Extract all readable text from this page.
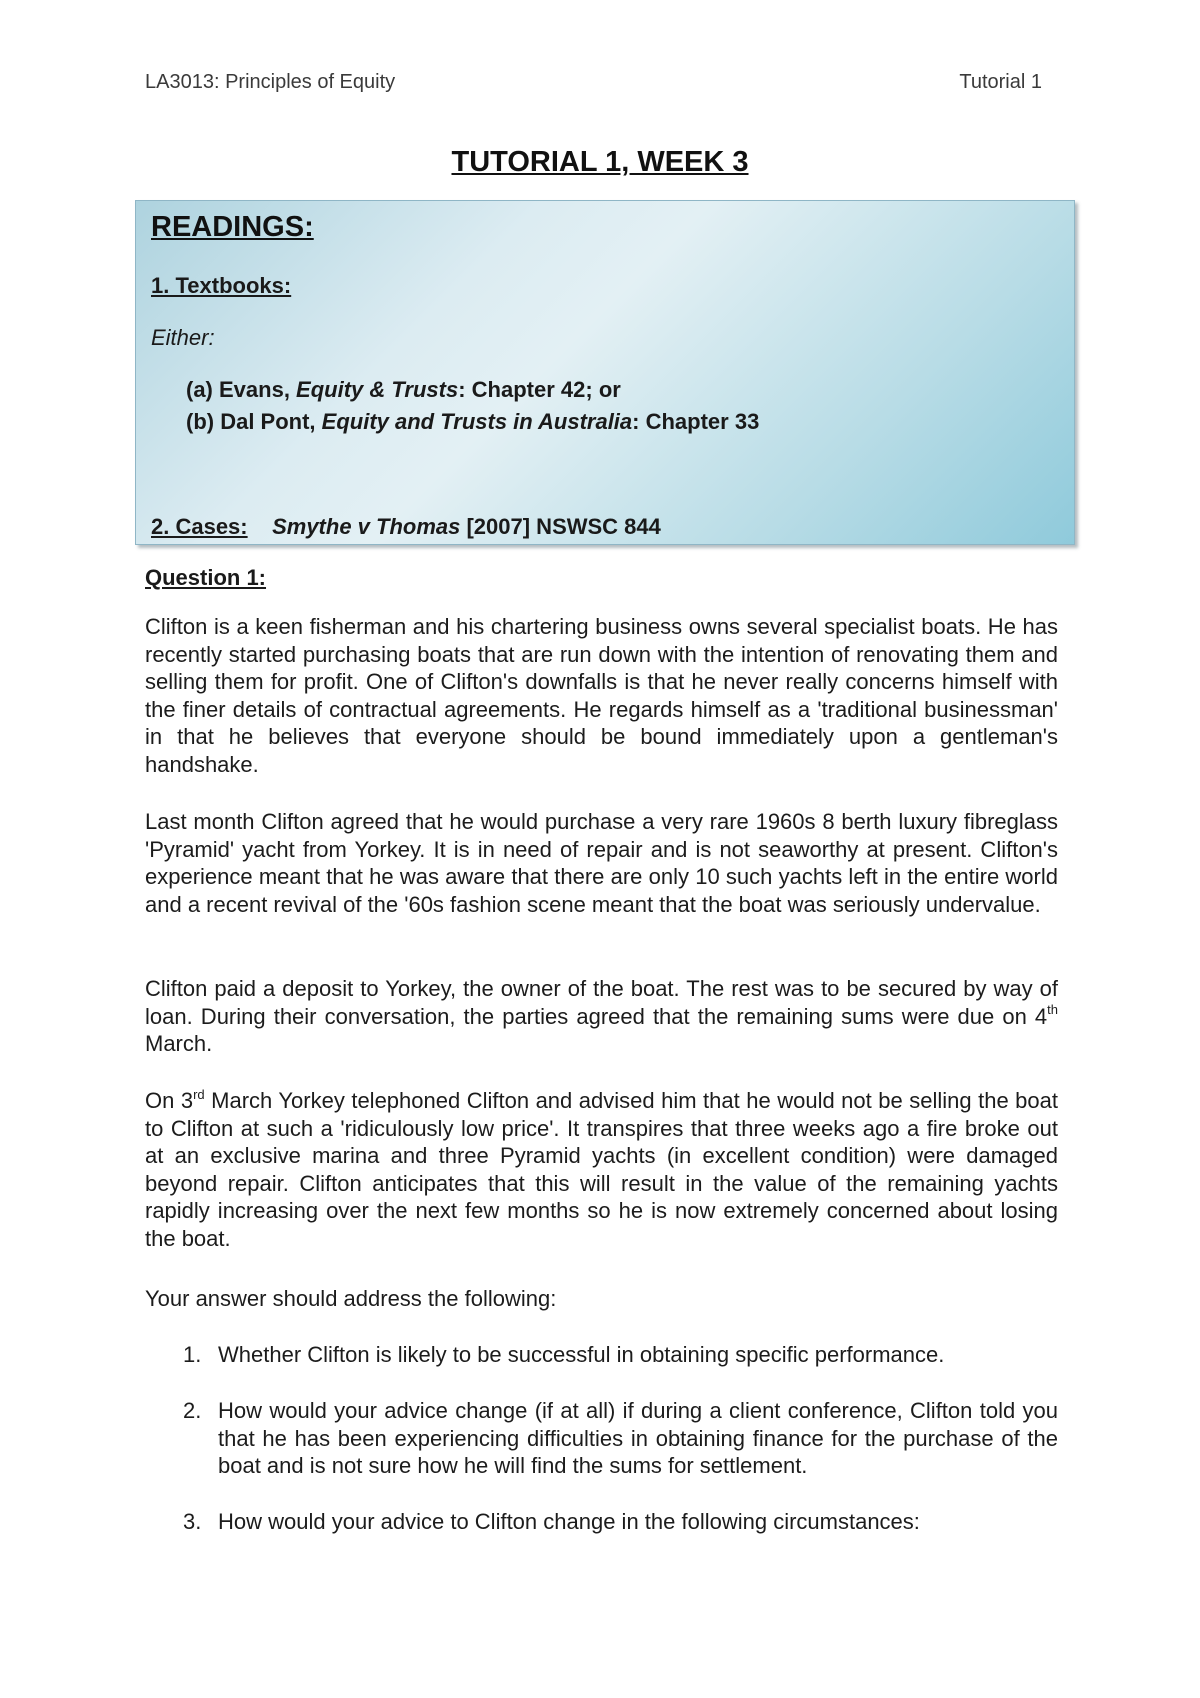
LA3013: Principles of Equity	Tutorial 1
TUTORIAL 1, WEEK 3
READINGS:
1. Textbooks:
Either:
(a) Evans, Equity & Trusts: Chapter 42; or
(b) Dal Pont, Equity and Trusts in Australia: Chapter 33
2. Cases: Smythe v Thomas [2007] NSWSC 844
Question 1:

Clifton is a keen fisherman and his chartering business owns several specialist boats. He has recently started purchasing boats that are run down with the intention of renovating them and selling them for profit. One of Clifton's downfalls is that he never really concerns himself with the finer details of contractual agreements. He regards himself as a 'traditional businessman' in that he believes that everyone should be bound immediately upon a gentleman's handshake.

Last month Clifton agreed that he would purchase a very rare 1960s 8 berth luxury fibreglass 'Pyramid' yacht from Yorkey. It is in need of repair and is not seaworthy at present. Clifton's experience meant that he was aware that there are only 10 such yachts left in the entire world and a recent revival of the '60s fashion scene meant that the boat was seriously undervalue.

Clifton paid a deposit to Yorkey, the owner of the boat. The rest was to be secured by way of loan. During their conversation, the parties agreed that the remaining sums were due on 4th March.

On 3rd March Yorkey telephoned Clifton and advised him that he would not be selling the boat to Clifton at such a 'ridiculously low price'. It transpires that three weeks ago a fire broke out at an exclusive marina and three Pyramid yachts (in excellent condition) were damaged beyond repair. Clifton anticipates that this will result in the value of the remaining yachts rapidly increasing over the next few months so he is now extremely concerned about losing the boat.

Your answer should address the following:

1. Whether Clifton is likely to be successful in obtaining specific performance.
2. How would your advice change (if at all) if during a client conference, Clifton told you that he has been experiencing difficulties in obtaining finance for the purchase of the boat and is not sure how he will find the sums for settlement.
3. How would your advice to Clifton change in the following circumstances:
